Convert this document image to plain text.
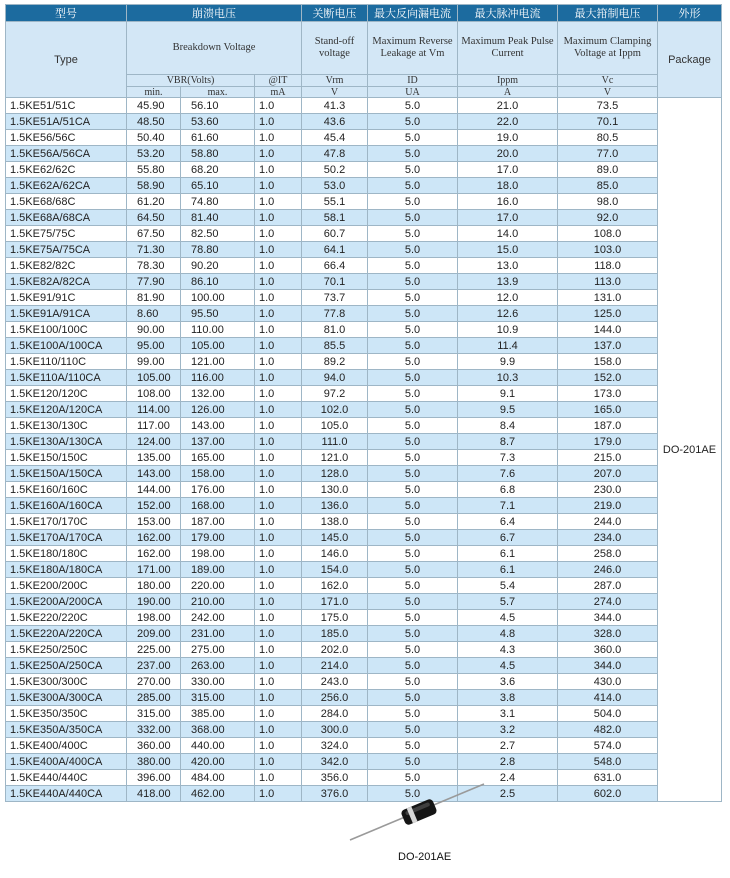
型号	崩溃电压			关断电压	最大反向漏电流	最大脉冲电流	最大箝制电压	外形
Type	Breakdown Voltage			Stand-off voltage	Maximum Reverse Leakage at Vm	Maximum Peak Pulse Current	Maximum Clamping Voltage at Ippm	Package
	VBR(Volts)		@IT	Vrm	ID	Ippm	Vc	
	min.	max.	mA	V	UA	A	V	
1.5KE51/51C	45.90	56.10	1.0	41.3	5.0	21.0	73.5	DO-201AE
1.5KE51A/51CA	48.50	53.60	1.0	43.6	5.0	22.0	70.1	
1.5KE56/56C	50.40	61.60	1.0	45.4	5.0	19.0	80.5	
1.5KE56A/56CA	53.20	58.80	1.0	47.8	5.0	20.0	77.0	
1.5KE62/62C	55.80	68.20	1.0	50.2	5.0	17.0	89.0	
1.5KE62A/62CA	58.90	65.10	1.0	53.0	5.0	18.0	85.0	
1.5KE68/68C	61.20	74.80	1.0	55.1	5.0	16.0	98.0	
1.5KE68A/68CA	64.50	81.40	1.0	58.1	5.0	17.0	92.0	
1.5KE75/75C	67.50	82.50	1.0	60.7	5.0	14.0	108.0	
1.5KE75A/75CA	71.30	78.80	1.0	64.1	5.0	15.0	103.0	
1.5KE82/82C	78.30	90.20	1.0	66.4	5.0	13.0	118.0	
1.5KE82A/82CA	77.90	86.10	1.0	70.1	5.0	13.9	113.0	
1.5KE91/91C	81.90	100.00	1.0	73.7	5.0	12.0	131.0	
1.5KE91A/91CA	8.60	95.50	1.0	77.8	5.0	12.6	125.0	
1.5KE100/100C	90.00	110.00	1.0	81.0	5.0	10.9	144.0	
1.5KE100A/100CA	95.00	105.00	1.0	85.5	5.0	11.4	137.0	
1.5KE110/110C	99.00	121.00	1.0	89.2	5.0	9.9	158.0	
1.5KE110A/110CA	105.00	116.00	1.0	94.0	5.0	10.3	152.0	
1.5KE120/120C	108.00	132.00	1.0	97.2	5.0	9.1	173.0	
1.5KE120A/120CA	114.00	126.00	1.0	102.0	5.0	9.5	165.0	
1.5KE130/130C	117.00	143.00	1.0	105.0	5.0	8.4	187.0	
1.5KE130A/130CA	124.00	137.00	1.0	111.0	5.0	8.7	179.0	
1.5KE150/150C	135.00	165.00	1.0	121.0	5.0	7.3	215.0	
1.5KE150A/150CA	143.00	158.00	1.0	128.0	5.0	7.6	207.0	
1.5KE160/160C	144.00	176.00	1.0	130.0	5.0	6.8	230.0	
1.5KE160A/160CA	152.00	168.00	1.0	136.0	5.0	7.1	219.0	
1.5KE170/170C	153.00	187.00	1.0	138.0	5.0	6.4	244.0	
1.5KE170A/170CA	162.00	179.00	1.0	145.0	5.0	6.7	234.0	
1.5KE180/180C	162.00	198.00	1.0	146.0	5.0	6.1	258.0	
1.5KE180A/180CA	171.00	189.00	1.0	154.0	5.0	6.1	246.0	
1.5KE200/200C	180.00	220.00	1.0	162.0	5.0	5.4	287.0	
1.5KE200A/200CA	190.00	210.00	1.0	171.0	5.0	5.7	274.0	
1.5KE220/220C	198.00	242.00	1.0	175.0	5.0	4.5	344.0	
1.5KE220A/220CA	209.00	231.00	1.0	185.0	5.0	4.8	328.0	
1.5KE250/250C	225.00	275.00	1.0	202.0	5.0	4.3	360.0	
1.5KE250A/250CA	237.00	263.00	1.0	214.0	5.0	4.5	344.0	
1.5KE300/300C	270.00	330.00	1.0	243.0	5.0	3.6	430.0	
1.5KE300A/300CA	285.00	315.00	1.0	256.0	5.0	3.8	414.0	
1.5KE350/350C	315.00	385.00	1.0	284.0	5.0	3.1	504.0	
1.5KE350A/350CA	332.00	368.00	1.0	300.0	5.0	3.2	482.0	
1.5KE400/400C	360.00	440.00	1.0	324.0	5.0	2.7	574.0	
1.5KE400A/400CA	380.00	420.00	1.0	342.0	5.0	2.8	548.0	
1.5KE440/440C	396.00	484.00	1.0	356.0	5.0	2.4	631.0	
1.5KE440A/440CA	418.00	462.00	1.0	376.0	5.0	2.5	602.0	
DO-201AE
